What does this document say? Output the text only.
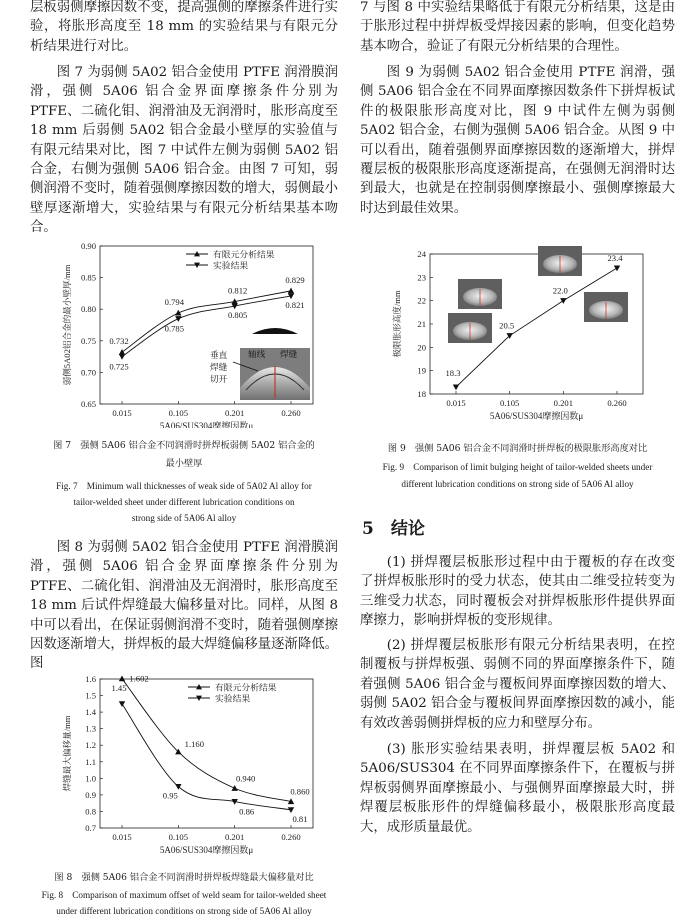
层板弱侧摩擦因数不变，提高强侧的摩擦条件进行实验，将胀形高度至 18 mm 的实验结果与有限元分析结果进行对比。

图 7 为弱侧 5A02 铝合金使用 PTFE 润滑膜润滑，强侧 5A06 铝合金界面摩擦条件分别为 PTFE、二硫化钼、润滑油及无润滑时，胀形高度至 18 mm 后弱侧 5A02 铝合金最小壁厚的实验值与有限元结果对比，图 7 中试件左侧为弱侧 5A02 铝合金，右侧为强侧 5A06 铝合金。由图 7 可知，弱侧润滑不变时，随着强侧摩擦因数的增大，弱侧最小壁厚逐渐增大，实验结果与有限元分析结果基本吻合。

0.65
0.70
0.75
0.80
0.85
0.90
0.015	0.105	0.201	0.260
5A06/SUS304摩擦因数μ
弱侧5A02铝合金的最小壁厚/mm	0.732
0.794
0.812
0.829
0.725
0.785
0.805
0.821
有限元分析结果
实验结果
垂直
焊缝
切开
轴线 焊缝

图 7　强侧 5A06 铝合金不同润滑时拼焊板弱侧 5A02 铝合金的

最小壁厚

Fig. 7　Minimum wall thicknesses of weak side of 5A02 Al alloy for

tailor-welded sheet under different lubrication conditions on

strong side of 5A06 Al alloy

图 8 为弱侧 5A02 铝合金使用 PTFE 润滑膜润滑，强侧 5A06 铝合金界面摩擦条件分别为 PTFE、二硫化钼、润滑油及无润滑时，胀形高度至 18 mm 后试件焊缝最大偏移量对比。同样，从图 8 中可以看出，在保证弱侧润滑不变时，随着强侧摩擦因数逐渐增大，拼焊板的最大焊缝偏移量逐渐降低。图

0.7
0.8
0.9
1.0
1.1
1.2
1.3
1.4
1.5
1.6
0.015	0.105	0.201	0.260
5A06/SUS304摩擦因数μ
焊缝最大偏移量/mm
1.602
1.160
0.940
0.860
1.45
0.95
0.86
0.81
有限元分析结果
实验结果

图 8　强侧 5A06 铝合金不同润滑时拼焊板焊缝最大偏移量对比

Fig. 8　Comparison of maximum offset of weld seam for tailor-welded sheet

under different lubrication conditions on strong side of 5A06 Al alloy

7 与图 8 中实验结果略低于有限元分析结果，这是由于胀形过程中拼焊板受焊接因素的影响，但变化趋势基本吻合，验证了有限元分析结果的合理性。

图 9 为弱侧 5A02 铝合金使用 PTFE 润滑，强侧 5A06 铝合金在不同界面摩擦因数条件下拼焊板试件的极限胀形高度对比，图 9 中试件左侧为弱侧 5A02 铝合金，右侧为强侧 5A06 铝合金。从图 9 中可以看出，随着强侧界面摩擦因数的逐渐增大，拼焊覆层板的极限胀形高度逐渐提高，在强侧无润滑时达到最大，也就是在控制弱侧摩擦最小、强侧摩擦最大时达到最佳效果。

18
19
20
21
22
23
24
0.015	0.105	0.201	0.260
5A06/SUS304摩擦因数μ
极限胀形高度/mm
18.3
20.5
22.0
23.4

图 9　强侧 5A06 铝合金不同润滑时拼焊板的极限胀形高度对比

Fig. 9　Comparison of limit bulging height of tailor-welded sheets under

different lubrication conditions on strong side of 5A06 Al alloy

5　结论

(1) 拼焊覆层板胀形过程中由于覆板的存在改变了拼焊板胀形时的受力状态，使其由二维受拉转变为三维受力状态，同时覆板会对拼焊板胀形件提供界面摩擦力，影响拼焊板的变形规律。

(2) 拼焊覆层板胀形有限元分析结果表明，在控制覆板与拼焊板强、弱侧不同的界面摩擦条件下，随着强侧 5A06 铝合金与覆板间界面摩擦因数的增大、弱侧 5A02 铝合金与覆板间界面摩擦因数的减小，能有效改善弱侧拼焊板的应力和壁厚分布。

(3) 胀形实验结果表明，拼焊覆层板 5A02 和 5A06/SUS304 在不同界面摩擦条件下，在覆板与拼焊板弱侧界面摩擦最小、与强侧界面摩擦最大时，拼焊覆层板胀形件的焊缝偏移最小，极限胀形高度最大，成形质量最优。
